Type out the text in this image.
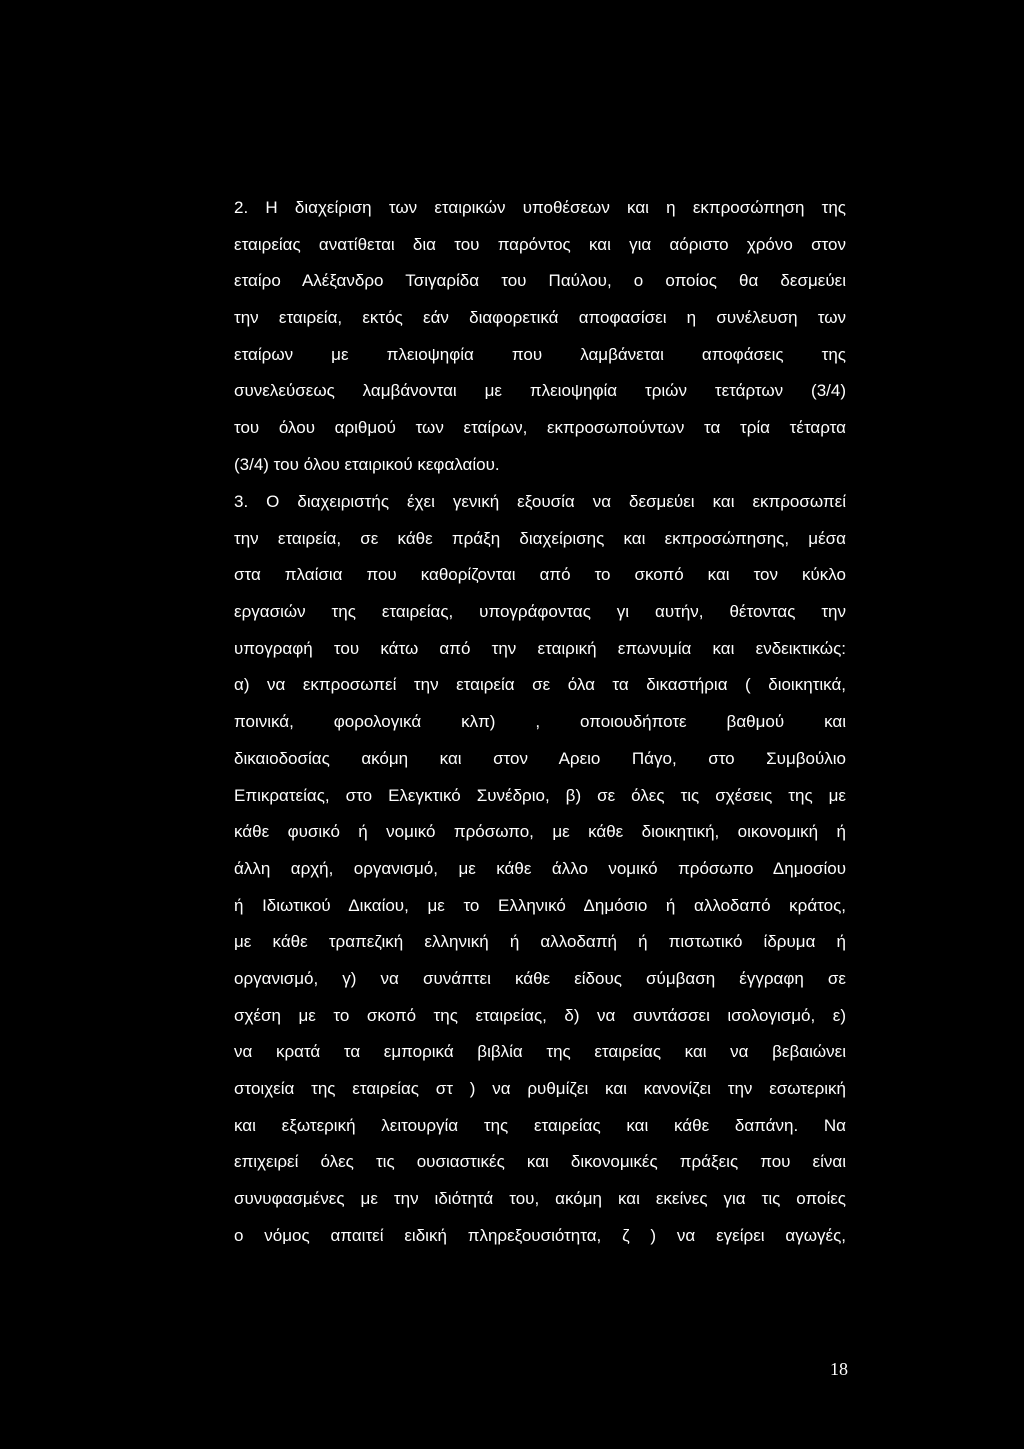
2. Η διαχείριση των εταιρικών υποθέσεων και η εκπροσώπηση της
εταιρείας ανατίθεται δια του παρόντος και για αόριστο χρόνο στον
εταίρο Αλέξανδρο Τσιγαρίδα του Παύλου, ο οποίος θα δεσμεύει
την εταιρεία, εκτός εάν διαφορετικά αποφασίσει η συνέλευση των
εταίρων με πλειοψηφία που λαμβάνεται αποφάσεις της
συνελεύσεως λαμβάνονται με πλειοψηφία τριών τετάρτων (3/4)
του όλου αριθμού των εταίρων, εκπροσωπούντων τα τρία τέταρτα
(3/4) του όλου εταιρικού κεφαλαίου.
3. Ο διαχειριστής έχει γενική εξουσία να δεσμεύει και εκπροσωπεί
την εταιρεία, σε κάθε πράξη διαχείρισης και εκπροσώπησης, μέσα
στα πλαίσια που καθορίζονται από το σκοπό και τον κύκλο
εργασιών της εταιρείας, υπογράφοντας γι αυτήν, θέτοντας την
υπογραφή του κάτω από την εταιρική επωνυμία και ενδεικτικώς:
α) να εκπροσωπεί την εταιρεία σε όλα τα δικαστήρια ( διοικητικά,
ποινικά, φορολογικά κλπ) , οποιουδήποτε βαθμού και
δικαιοδοσίας ακόμη και στον Αρειο Πάγο, στο Συμβούλιο
Επικρατείας, στο Ελεγκτικό Συνέδριο, β) σε όλες τις σχέσεις της με
κάθε φυσικό ή νομικό πρόσωπο, με κάθε διοικητική, οικονομική ή
άλλη αρχή, οργανισμό, με κάθε άλλο νομικό πρόσωπο Δημοσίου
ή Ιδιωτικού Δικαίου, με το Ελληνικό Δημόσιο ή αλλοδαπό κράτος,
με κάθε τραπεζική ελληνική ή αλλοδαπή ή πιστωτικό ίδρυμα ή
οργανισμό, γ) να συνάπτει κάθε είδους σύμβαση έγγραφη σε
σχέση με το σκοπό της εταιρείας, δ) να συντάσσει ισολογισμό, ε)
να κρατά τα εμπορικά βιβλία της εταιρείας και να βεβαιώνει
στοιχεία της εταιρείας στ ) να ρυθμίζει και κανονίζει την εσωτερική
και εξωτερική λειτουργία της εταιρείας και κάθε δαπάνη. Να
επιχειρεί όλες τις ουσιαστικές και δικονομικές πράξεις που είναι
συνυφασμένες με την ιδιότητά του, ακόμη και εκείνες για τις οποίες
ο νόμος απαιτεί ειδική πληρεξουσιότητα, ζ ) να εγείρει αγωγές,
18
